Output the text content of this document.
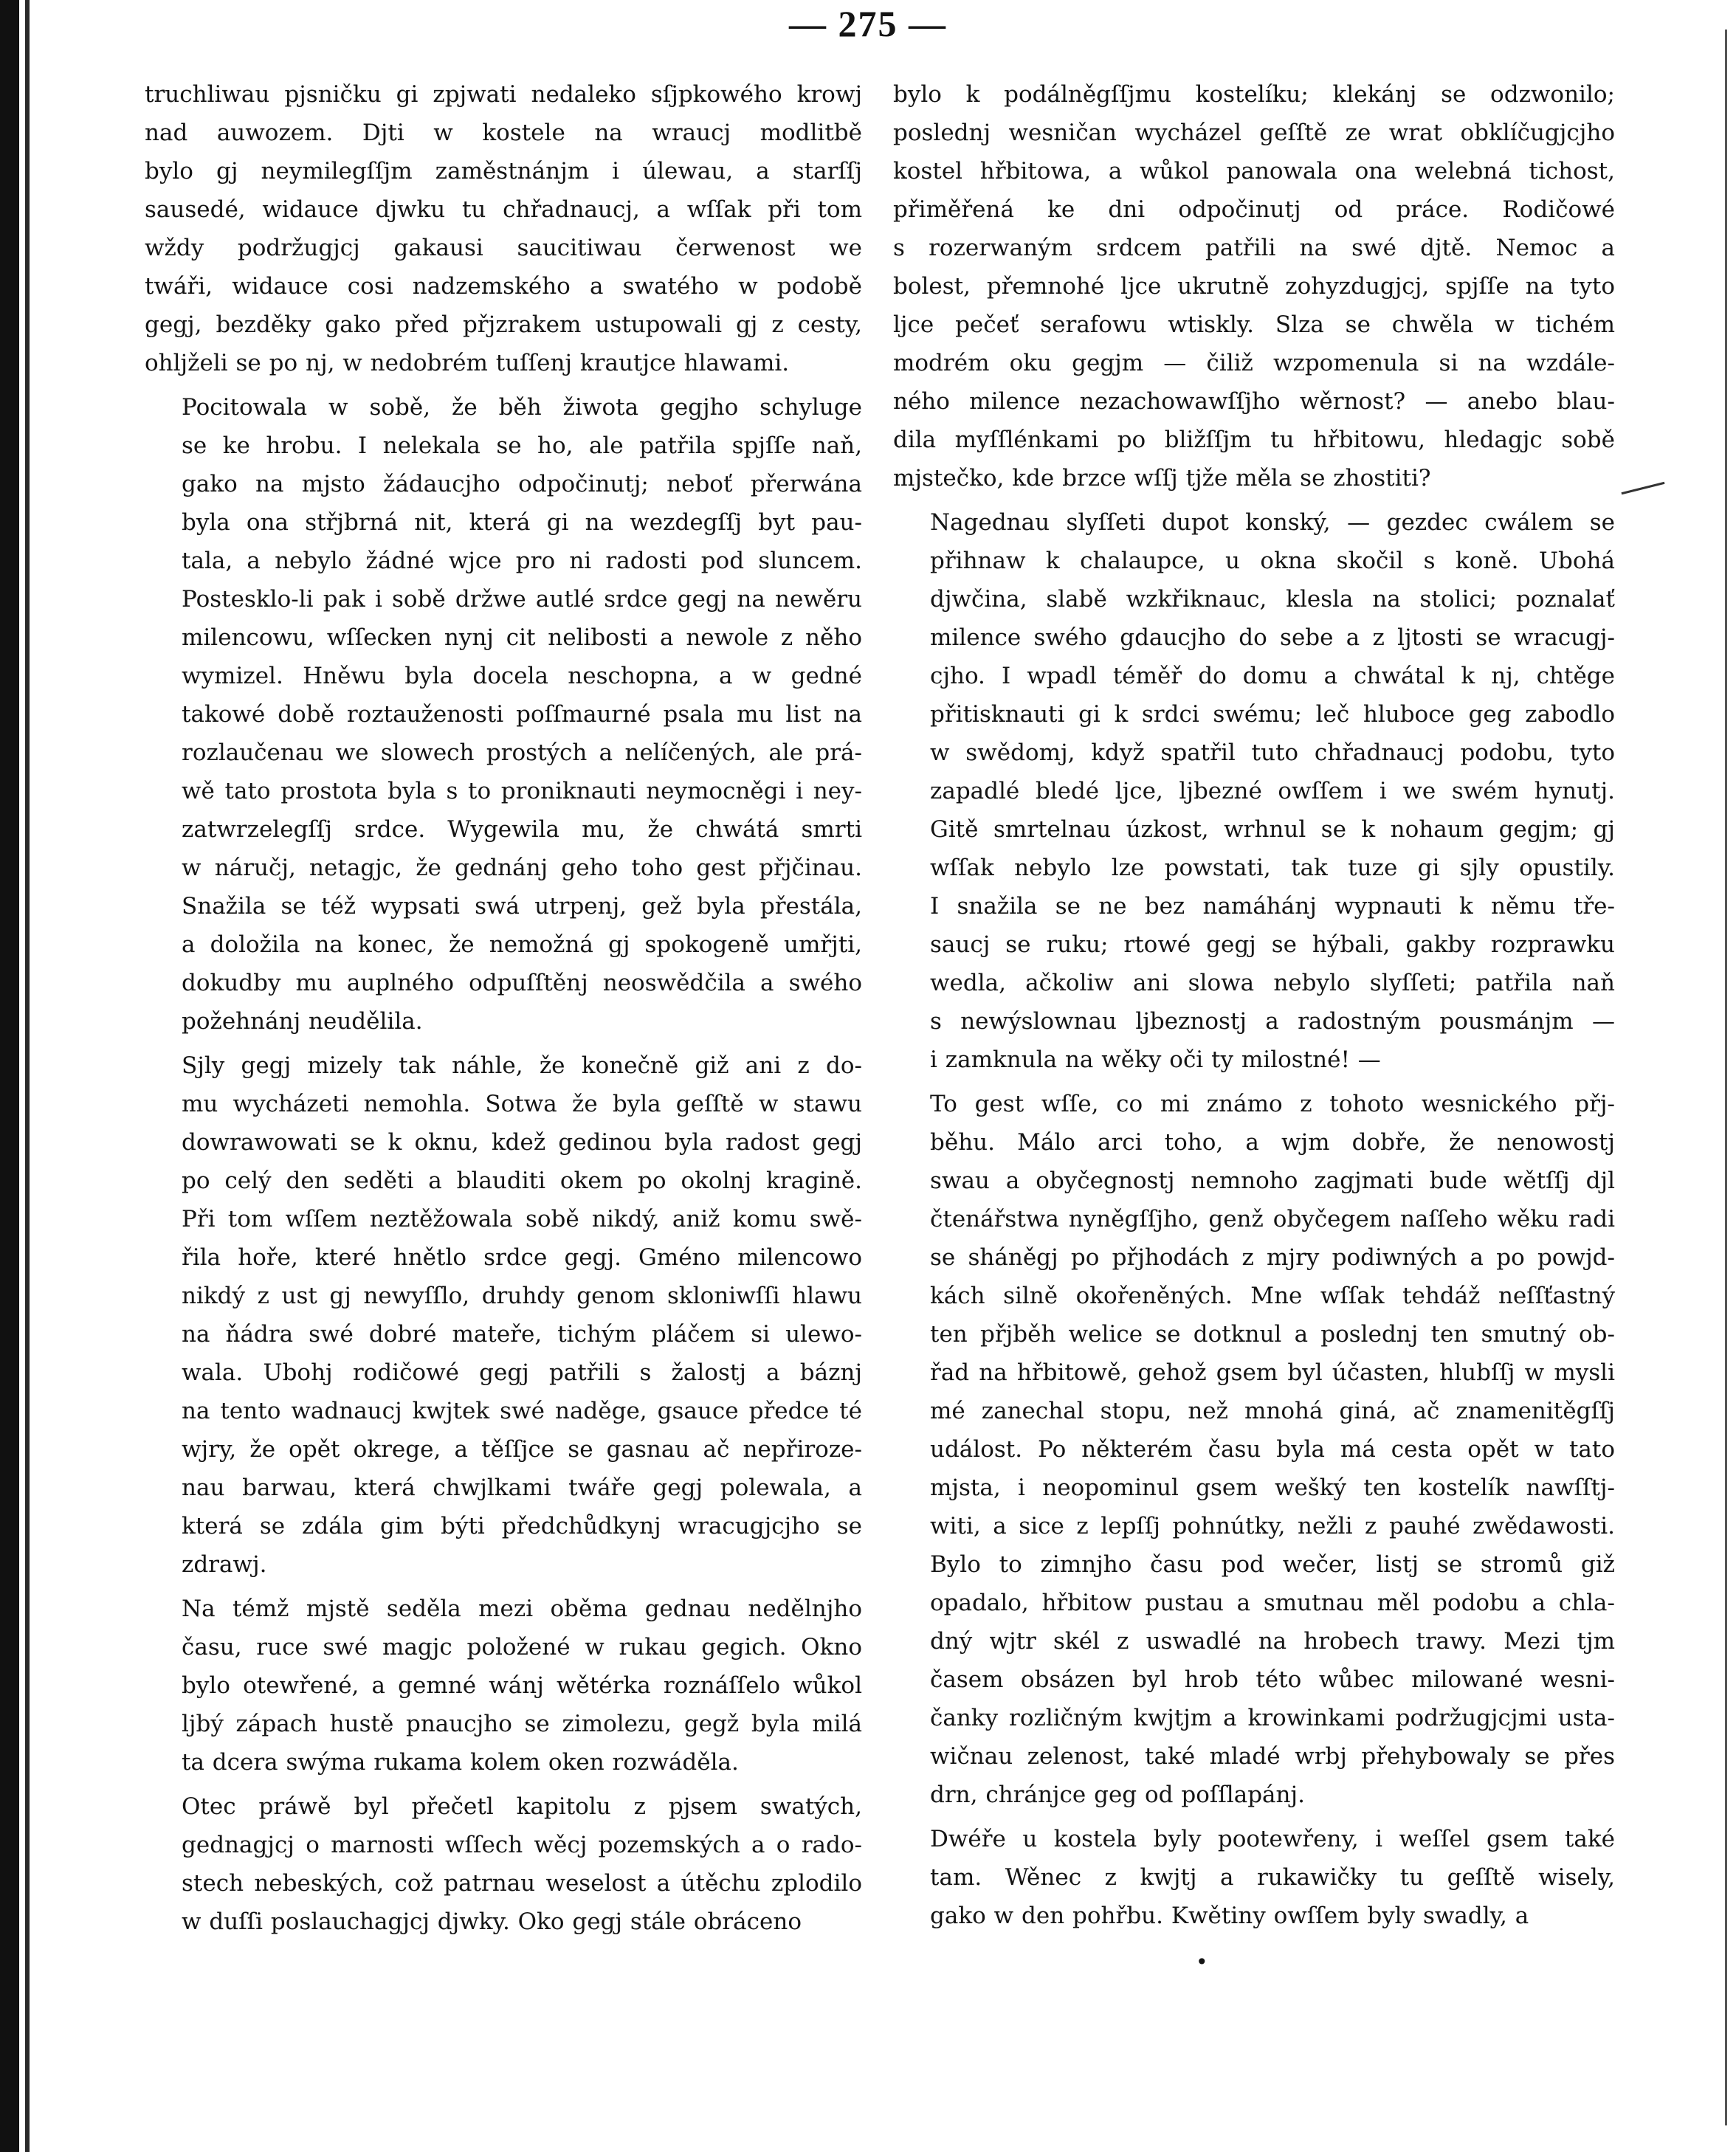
— 275 —
truchliwau pjsničku gi zpjwati nedaleko sſjpkowého krowj
nad auwozem. Djti w kostele na wraucj modlitbě
bylo gj neymilegſſjm zaměstnánjm i úlewau, a starſſj
sausedé, widauce djwku tu chřadnaucj, a wſſak při tom
wždy podržugjcj gakausi saucitiwau čerwenost we
twáři, widauce cosi nadzemského a swatého w podobě
gegj, bezděky gako před přjzrakem ustupowali gj z cesty,
ohljželi se po nj, w nedobrém tuſſenj krautjce hlawami.
Pocitowala w sobě, že běh žiwota gegjho schyluge
se ke hrobu. I nelekala se ho, ale patřila spjſſe naň,
gako na mjsto žádaucjho odpočinutj; neboť přerwána
byla ona střjbrná nit, která gi na wezdegſſj byt pau-
tala, a nebylo žádné wjce pro ni radosti pod sluncem.
Postesklo-li pak i sobě držwe autlé srdce gegj na newěru
milencowu, wſſecken nynj cit nelibosti a newole z něho
wymizel. Hněwu byla docela neschopna, a w gedné
takowé době roztauženosti poſſmaurné psala mu list na
rozlaučenau we slowech prostých a nelíčených, ale prá-
wě tato prostota byla s to proniknauti neymocněgi i ney-
zatwrzelegſſj srdce. Wygewila mu, že chwátá smrti
w náručj, netagjc, že gednánj geho toho gest přjčinau.
Snažila se též wypsati swá utrpenj, gež byla přestála,
a doložila na konec, že nemožná gj spokogeně umřjti,
dokudby mu auplného odpuſſtěnj neoswědčila a swého
požehnánj neudělila.
Sjly gegj mizely tak náhle, že konečně giž ani z do-
mu wycházeti nemohla. Sotwa že byla geſſtě w stawu
dowrawowati se k oknu, kdež gedinou byla radost gegj
po celý den seděti a blauditi okem po okolnj kragině.
Při tom wſſem neztěžowala sobě nikdý, aniž komu swě-
řila hoře, které hnětlo srdce gegj. Gméno milencowo
nikdý z ust gj newyſſlo, druhdy genom skloniwſſi hlawu
na ňádra swé dobré mateře, tichým pláčem si ulewo-
wala. Ubohj rodičowé gegj patřili s žalostj a báznj
na tento wadnaucj kwjtek swé naděge, gsauce předce té
wjry, že opět okrege, a těſſjce se gasnau ač nepřiroze-
nau barwau, která chwjlkami twáře gegj polewala, a
která se zdála gim býti předchůdkynj wracugjcjho se
zdrawj.
Na témž mjstě seděla mezi oběma gednau nedělnjho
času, ruce swé magjc položené w rukau gegich. Okno
bylo otewřené, a gemné wánj wětérka roznáſſelo wůkol
ljbý zápach hustě pnaucjho se zimolezu, gegž byla milá
ta dcera swýma rukama kolem oken rozwáděla.
Otec práwě byl přečetl kapitolu z pjsem swatých,
gednagjcj o marnosti wſſech wěcj pozemských a o rado-
stech nebeských, což patrnau weselost a útěchu zplodilo
w duſſi poslauchagjcj djwky. Oko gegj stále obráceno
bylo k podálněgſſjmu kostelíku; klekánj se odzwonilo;
poslednj wesničan wycházel geſſtě ze wrat obklíčugjcjho
kostel hřbitowa, a wůkol panowala ona welebná tichost,
přiměřená ke dni odpočinutj od práce. Rodičowé
s rozerwaným srdcem patřili na swé djtě. Nemoc a
bolest, přemnohé ljce ukrutně zohyzdugjcj, spjſſe na tyto
ljce pečeť serafowu wtiskly. Slza se chwěla w tichém
modrém oku gegjm — čiliž wzpomenula si na wzdále-
ného milence nezachowawſſjho wěrnost? — anebo blau-
dila myſſlénkami po bližſſjm tu hřbitowu, hledagjc sobě
mjstečko, kde brzce wſſj tjže měla se zhostiti?
Nagednau slyſſeti dupot konský, — gezdec cwálem se
přihnaw k chalaupce, u okna skočil s koně. Ubohá
djwčina, slabě wzkřiknauc, klesla na stolici; poznalať
milence swého gdaucjho do sebe a z ljtosti se wracugj-
cjho. I wpadl téměř do domu a chwátal k nj, chtěge
přitisknauti gi k srdci swému; leč hluboce geg zabodlo
w swědomj, když spatřil tuto chřadnaucj podobu, tyto
zapadlé bledé ljce, ljbezné owſſem i we swém hynutj.
Gitě smrtelnau úzkost, wrhnul se k nohaum gegjm; gj
wſſak nebylo lze powstati, tak tuze gi sjly opustily.
I snažila se ne bez namáhánj wypnauti k němu tře-
saucj se ruku; rtowé gegj se hýbali, gakby rozprawku
wedla, ačkoliw ani slowa nebylo slyſſeti; patřila naň
s newýslownau ljbeznostj a radostným pousmánjm —
i zamknula na wěky oči ty milostné! —
To gest wſſe, co mi známo z tohoto wesnického přj-
běhu. Málo arci toho, a wjm dobře, že nenowostj
swau a obyčegnostj nemnoho zagjmati bude wětſſj djl
čtenářstwa nyněgſſjho, genž obyčegem naſſeho wěku radi
se sháněgj po přjhodách z mjry podiwných a po powjd-
kách silně okořeněných. Mne wſſak tehdáž neſſťastný
ten přjběh welice se dotknul a poslednj ten smutný ob-
řad na hřbitowě, gehož gsem byl účasten, hlubſſj w mysli
mé zanechal stopu, než mnohá giná, ač znamenitěgſſj
událost. Po některém času byla má cesta opět w tato
mjsta, i neopominul gsem wešký ten kostelík nawſſtj-
witi, a sice z lepſſj pohnútky, nežli z pauhé zwědawosti.
Bylo to zimnjho času pod wečer, listj se stromů giž
opadalo, hřbitow pustau a smutnau měl podobu a chla-
dný wjtr skél z uswadlé na hrobech trawy. Mezi tjm
časem obsázen byl hrob této wůbec milowané wesni-
čanky rozličným kwjtjm a krowinkami podržugjcjmi usta-
wičnau zelenost, také mladé wrbj přehybowaly se přes
drn, chránjce geg od poſſlapánj.
Dwéře u kostela byly pootewřeny, i weſſel gsem také
tam. Wěnec z kwjtj a rukawičky tu geſſtě wisely,
gako w den pohřbu. Kwětiny owſſem byly swadly, a
•
